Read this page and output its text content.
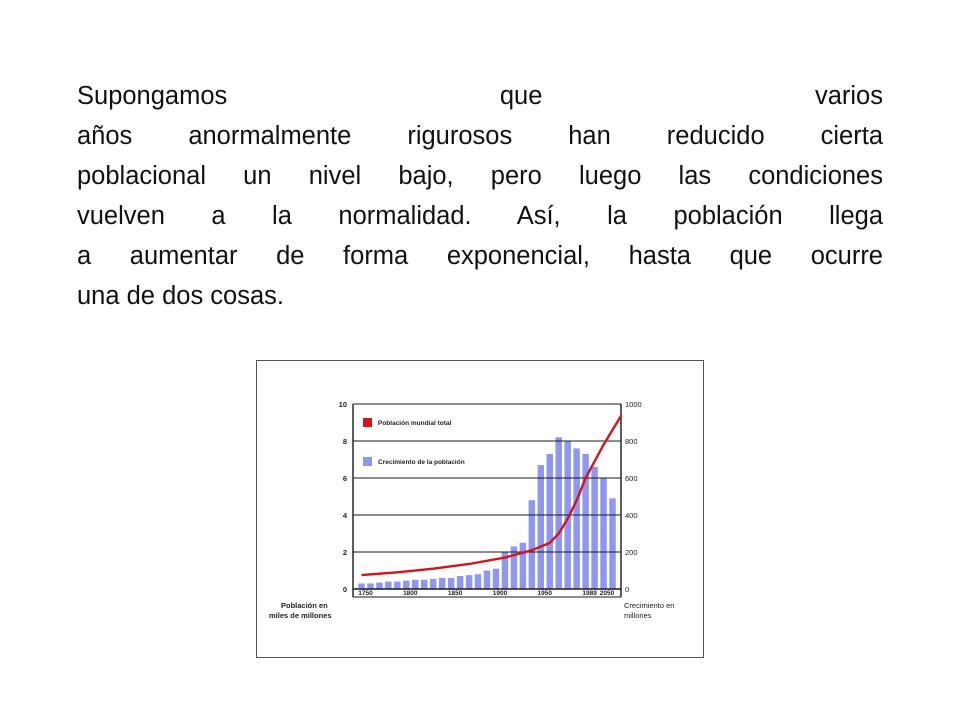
Supongamos que varios
años anormalmente rigurosos han reducido cierta
poblacional un nivel bajo, pero luego las condiciones
vuelven a la normalidad. Así, la población llega
a aumentar de forma exponencial, hasta que ocurre
una de dos cosas.
Población mundial total
Crecimiento de la población
0
2
4
6
8
10
0
200
400
600
800
1000
1750	1800	1850	1900	1950	1989 2050
Población en
miles de millones
Crecimiento en
millones
